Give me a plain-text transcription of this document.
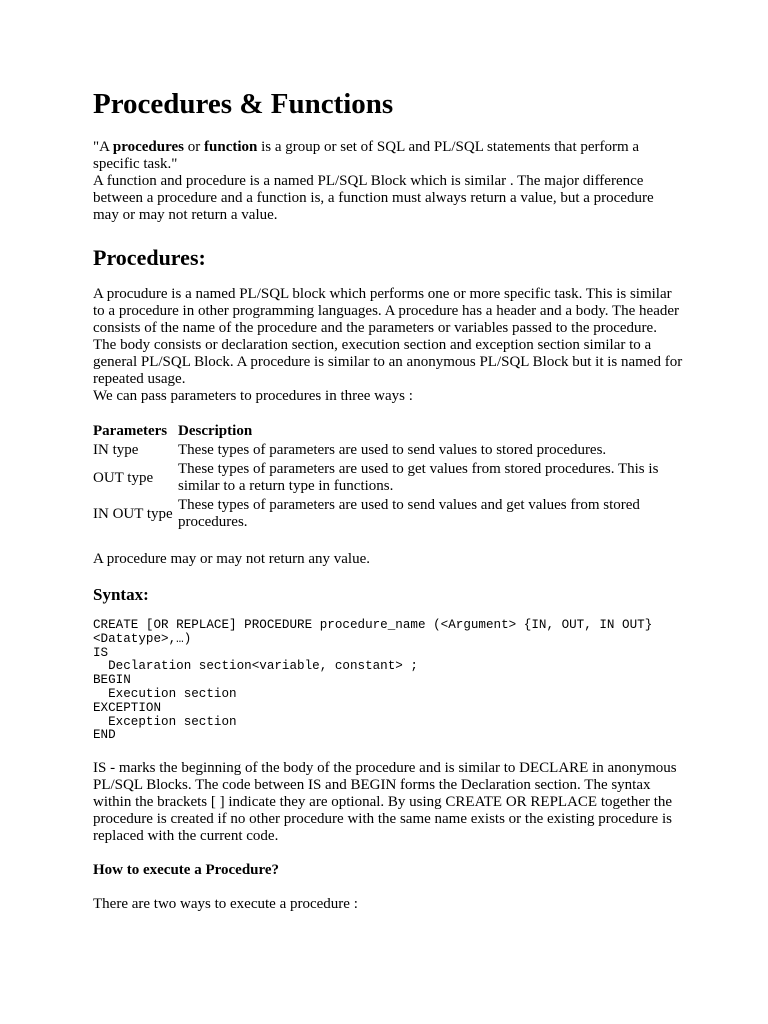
Procedures & Functions

"A procedures or function is a group or set of SQL and PL/SQL statements that perform a specific task."

A function and procedure is a named PL/SQL Block which is similar . The major difference between a procedure and a function is, a function must always return a value, but a procedure may or may not return a value.

Procedures:

A procudure is a named PL/SQL block which performs one or more specific task. This is similar to a procedure in other programming languages. A procedure has a header and a body. The header consists of the name of the procedure and the parameters or variables passed to the procedure.

The body consists or declaration section, execution section and exception section similar to a general PL/SQL Block. A procedure is similar to an anonymous PL/SQL Block but it is named for repeated usage.

We can pass parameters to procedures in three ways :

Parameters	Description
IN type	These types of parameters are used to send values to stored procedures.
OUT type	These types of parameters are used to get values from stored procedures. This is similar to a return type in functions.
IN OUT type	These types of parameters are used to send values and get values from stored procedures.

A procedure may or may not return any value.

Syntax:
CREATE [OR REPLACE] PROCEDURE procedure_name (<Argument> {IN, OUT, IN OUT}
<Datatype>,…)
IS
Declaration section<variable, constant> ;
BEGIN
Execution section
EXCEPTION
Exception section
END

IS - marks the beginning of the body of the procedure and is similar to DECLARE in anonymous PL/SQL Blocks. The code between IS and BEGIN forms the Declaration section. The syntax within the brackets [ ] indicate they are optional. By using CREATE OR REPLACE together the procedure is created if no other procedure with the same name exists or the existing procedure is replaced with the current code.

How to execute a Procedure?

There are two ways to execute a procedure :
